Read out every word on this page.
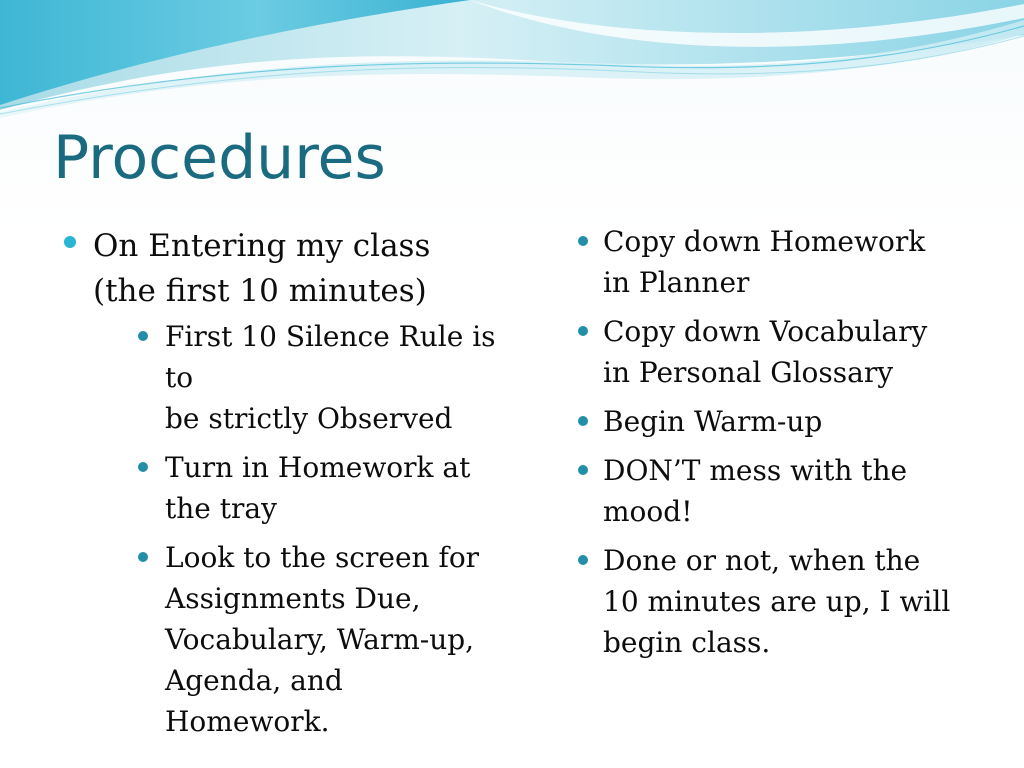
Procedures
On Entering my class
(the first 10 minutes)
First 10 Silence Rule is to
be strictly Observed
Turn in Homework at
the tray
Look to the screen for
Assignments Due,
Vocabulary, Warm-up,
Agenda, and
Homework.
Copy down Homework
in Planner
Copy down Vocabulary
in Personal Glossary
Begin Warm-up
DON’T mess with the
mood!
Done or not, when the
10 minutes are up, I will
begin class.
